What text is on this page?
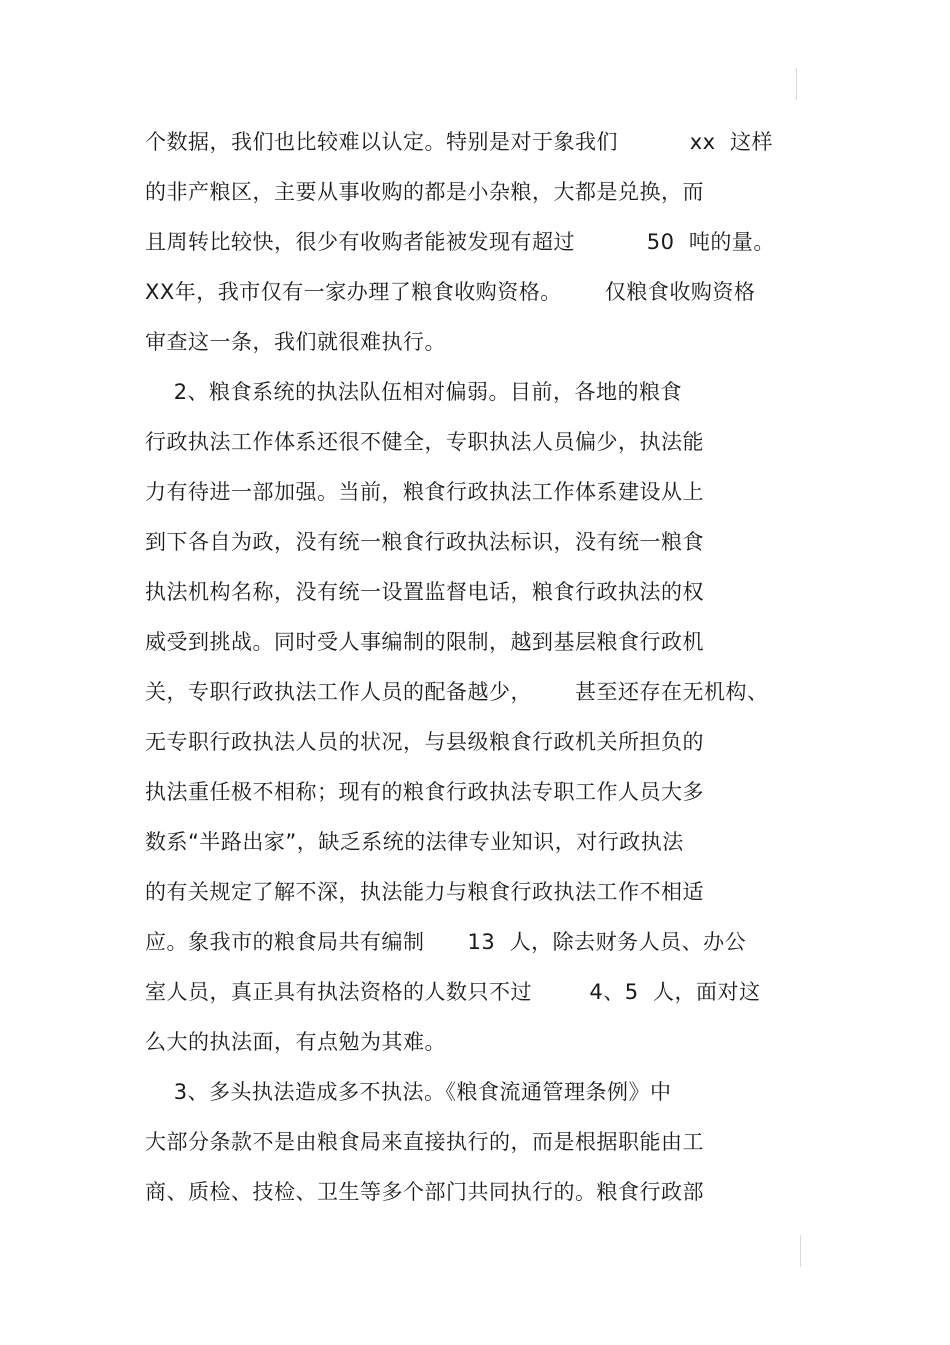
个数据，我们也比较难以认定。特别是对于象我们          xx  这样
的非产粮区，主要从事收购的都是小杂粮，大都是兑换，而
且周转比较快，很少有收购者能被发现有超过          50  吨的量。
XX年，我市仅有一家办理了粮食收购资格。      仅粮食收购资格
审查这一条，我们就很难执行。
2、粮食系统的执法队伍相对偏弱。目前，各地的粮食
行政执法工作体系还很不健全，专职执法人员偏少，执法能
力有待进一部加强。当前，粮食行政执法工作体系建设从上
到下各自为政，没有统一粮食行政执法标识，没有统一粮食
执法机构名称，没有统一设置监督电话，粮食行政执法的权
威受到挑战。同时受人事编制的限制，越到基层粮食行政机
关，专职行政执法工作人员的配备越少，      甚至还存在无机构、
无专职行政执法人员的状况，与县级粮食行政机关所担负的
执法重任极不相称；现有的粮食行政执法专职工作人员大多
数系“半路出家”，缺乏系统的法律专业知识，对行政执法
的有关规定了解不深，执法能力与粮食行政执法工作不相适
应。象我市的粮食局共有编制      13  人，除去财务人员、办公
室人员，真正具有执法资格的人数只不过        4、5  人，面对这
么大的执法面，有点勉为其难。
3、多头执法造成多不执法。《粮食流通管理条例》中
大部分条款不是由粮食局来直接执行的，而是根据职能由工
商、质检、技检、卫生等多个部门共同执行的。粮食行政部
